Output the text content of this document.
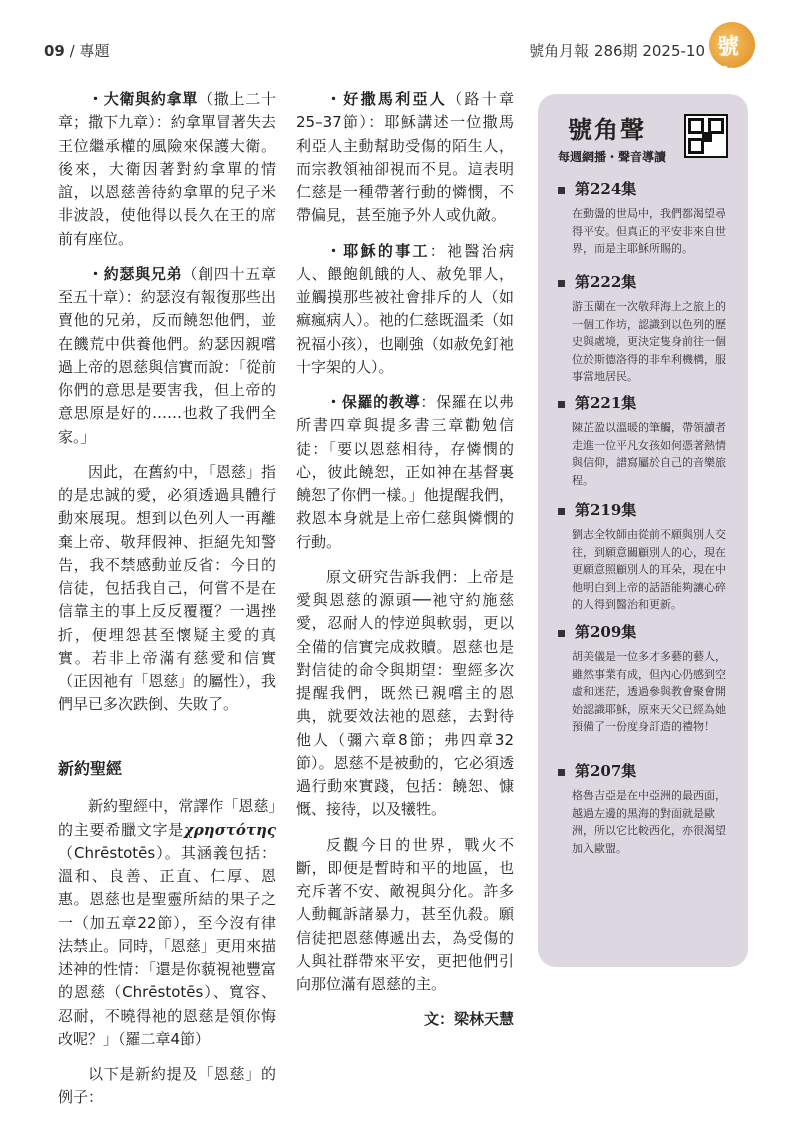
09 / 專題	號角月報 286期 2025-10 號角

・大衛與約拿單（撒上二十章；撒下九章）：約拿單冒著失去王位繼承權的風險來保護大衛。後來，大衛因著對約拿單的情誼，以恩慈善待約拿單的兒子米非波設，使他得以長久在王的席前有座位。

・約瑟與兄弟（創四十五章至五十章）：約瑟沒有報復那些出賣他的兄弟，反而饒恕他們，並在饑荒中供養他們。約瑟因親嚐過上帝的恩慈與信實而說：「從前你們的意思是要害我，但上帝的意思原是好的……也救了我們全家。」

因此，在舊約中，「恩慈」指的是忠誠的愛，必須透過具體行動來展現。想到以色列人一再離棄上帝、敬拜假神、拒絕先知警告，我不禁感動並反省：今日的信徒，包括我自己，何嘗不是在信靠主的事上反反覆覆？一遇挫折，便埋怨甚至懷疑主愛的真實。若非上帝滿有慈愛和信實（正因祂有「恩慈」的屬性），我們早已多次跌倒、失敗了。

新約聖經

新約聖經中，常譯作「恩慈」的主要希臘文字是χρηστότης（Chrēstotēs）。其涵義包括：溫和、良善、正直、仁厚、恩惠。恩慈也是聖靈所結的果子之一（加五章22節），至今沒有律法禁止。同時，「恩慈」更用來描述神的性情：「還是你藐視祂豐富的恩慈（Chrēstotēs）、寬容、忍耐，不曉得祂的恩慈是領你悔改呢？」（羅二章4節）

以下是新約提及「恩慈」的例子：

・好撒馬利亞人（路十章25–37節）：耶穌講述一位撒馬利亞人主動幫助受傷的陌生人，而宗教領袖卻視而不見。這表明仁慈是一種帶著行動的憐憫，不帶偏見，甚至施予外人或仇敵。

・耶穌的事工：祂醫治病人、餵飽飢餓的人、赦免罪人，並觸摸那些被社會排斥的人（如痲瘋病人）。祂的仁慈既溫柔（如祝福小孩），也剛強（如赦免釘祂十字架的人）。

・保羅的教導：保羅在以弗所書四章與提多書三章勸勉信徒：「要以恩慈相待，存憐憫的心，彼此饒恕，正如神在基督裏饒恕了你們一樣。」他提醒我們，救恩本身就是上帝仁慈與憐憫的行動。

原文研究告訴我們：上帝是愛與恩慈的源頭──祂守約施慈愛，忍耐人的悖逆與軟弱，更以全備的信實完成救贖。恩慈也是對信徒的命令與期望：聖經多次提醒我們，既然已親嚐主的恩典，就要效法祂的恩慈，去對待他人（彌六章8節；弗四章32節）。恩慈不是被動的，它必須透過行動來實踐，包括：饒恕、慷慨、接待，以及犧牲。

反觀今日的世界，戰火不斷，即便是暫時和平的地區，也充斥著不安、敵視與分化。許多人動輒訴諸暴力，甚至仇殺。願信徒把恩慈傳遞出去，為受傷的人與社群帶來平安，更把他們引向那位滿有恩慈的主。

文：梁林天慧

號角聲
每週網播・聲音導讀
第224集
在動盪的世局中，我們都渴望尋得平安。但真正的平安非來自世界，而是主耶穌所賜的。
第222集
游玉蘭在一次敬拜海上之旅上的一個工作坊，認識到以色列的歷史與處境，更決定隻身前往一個位於斯德洛得的非牟利機構，服事當地居民。
第221集
陳芷盈以溫暖的筆觸，帶領讀者走進一位平凡女孩如何憑著熱情與信仰，譜寫屬於自己的音樂旅程。
第219集
劉志全牧師由從前不願與別人交往，到願意關顧別人的心，現在更願意照顧別人的耳朵，現在中他明白到上帝的話語能夠讓心碎的人得到醫治和更新。
第209集
胡美儀是一位多才多藝的藝人，雖然事業有成，但內心仍感到空虛和迷茫，透過參與教會聚會開始認識耶穌，原來天父已經為她預備了一份度身訂造的禮物！
第207集
格魯吉亞是在中亞洲的最西面，越過左邊的黑海的對面就是歐洲，所以它比較西化，亦很渴望加入歐盟。
